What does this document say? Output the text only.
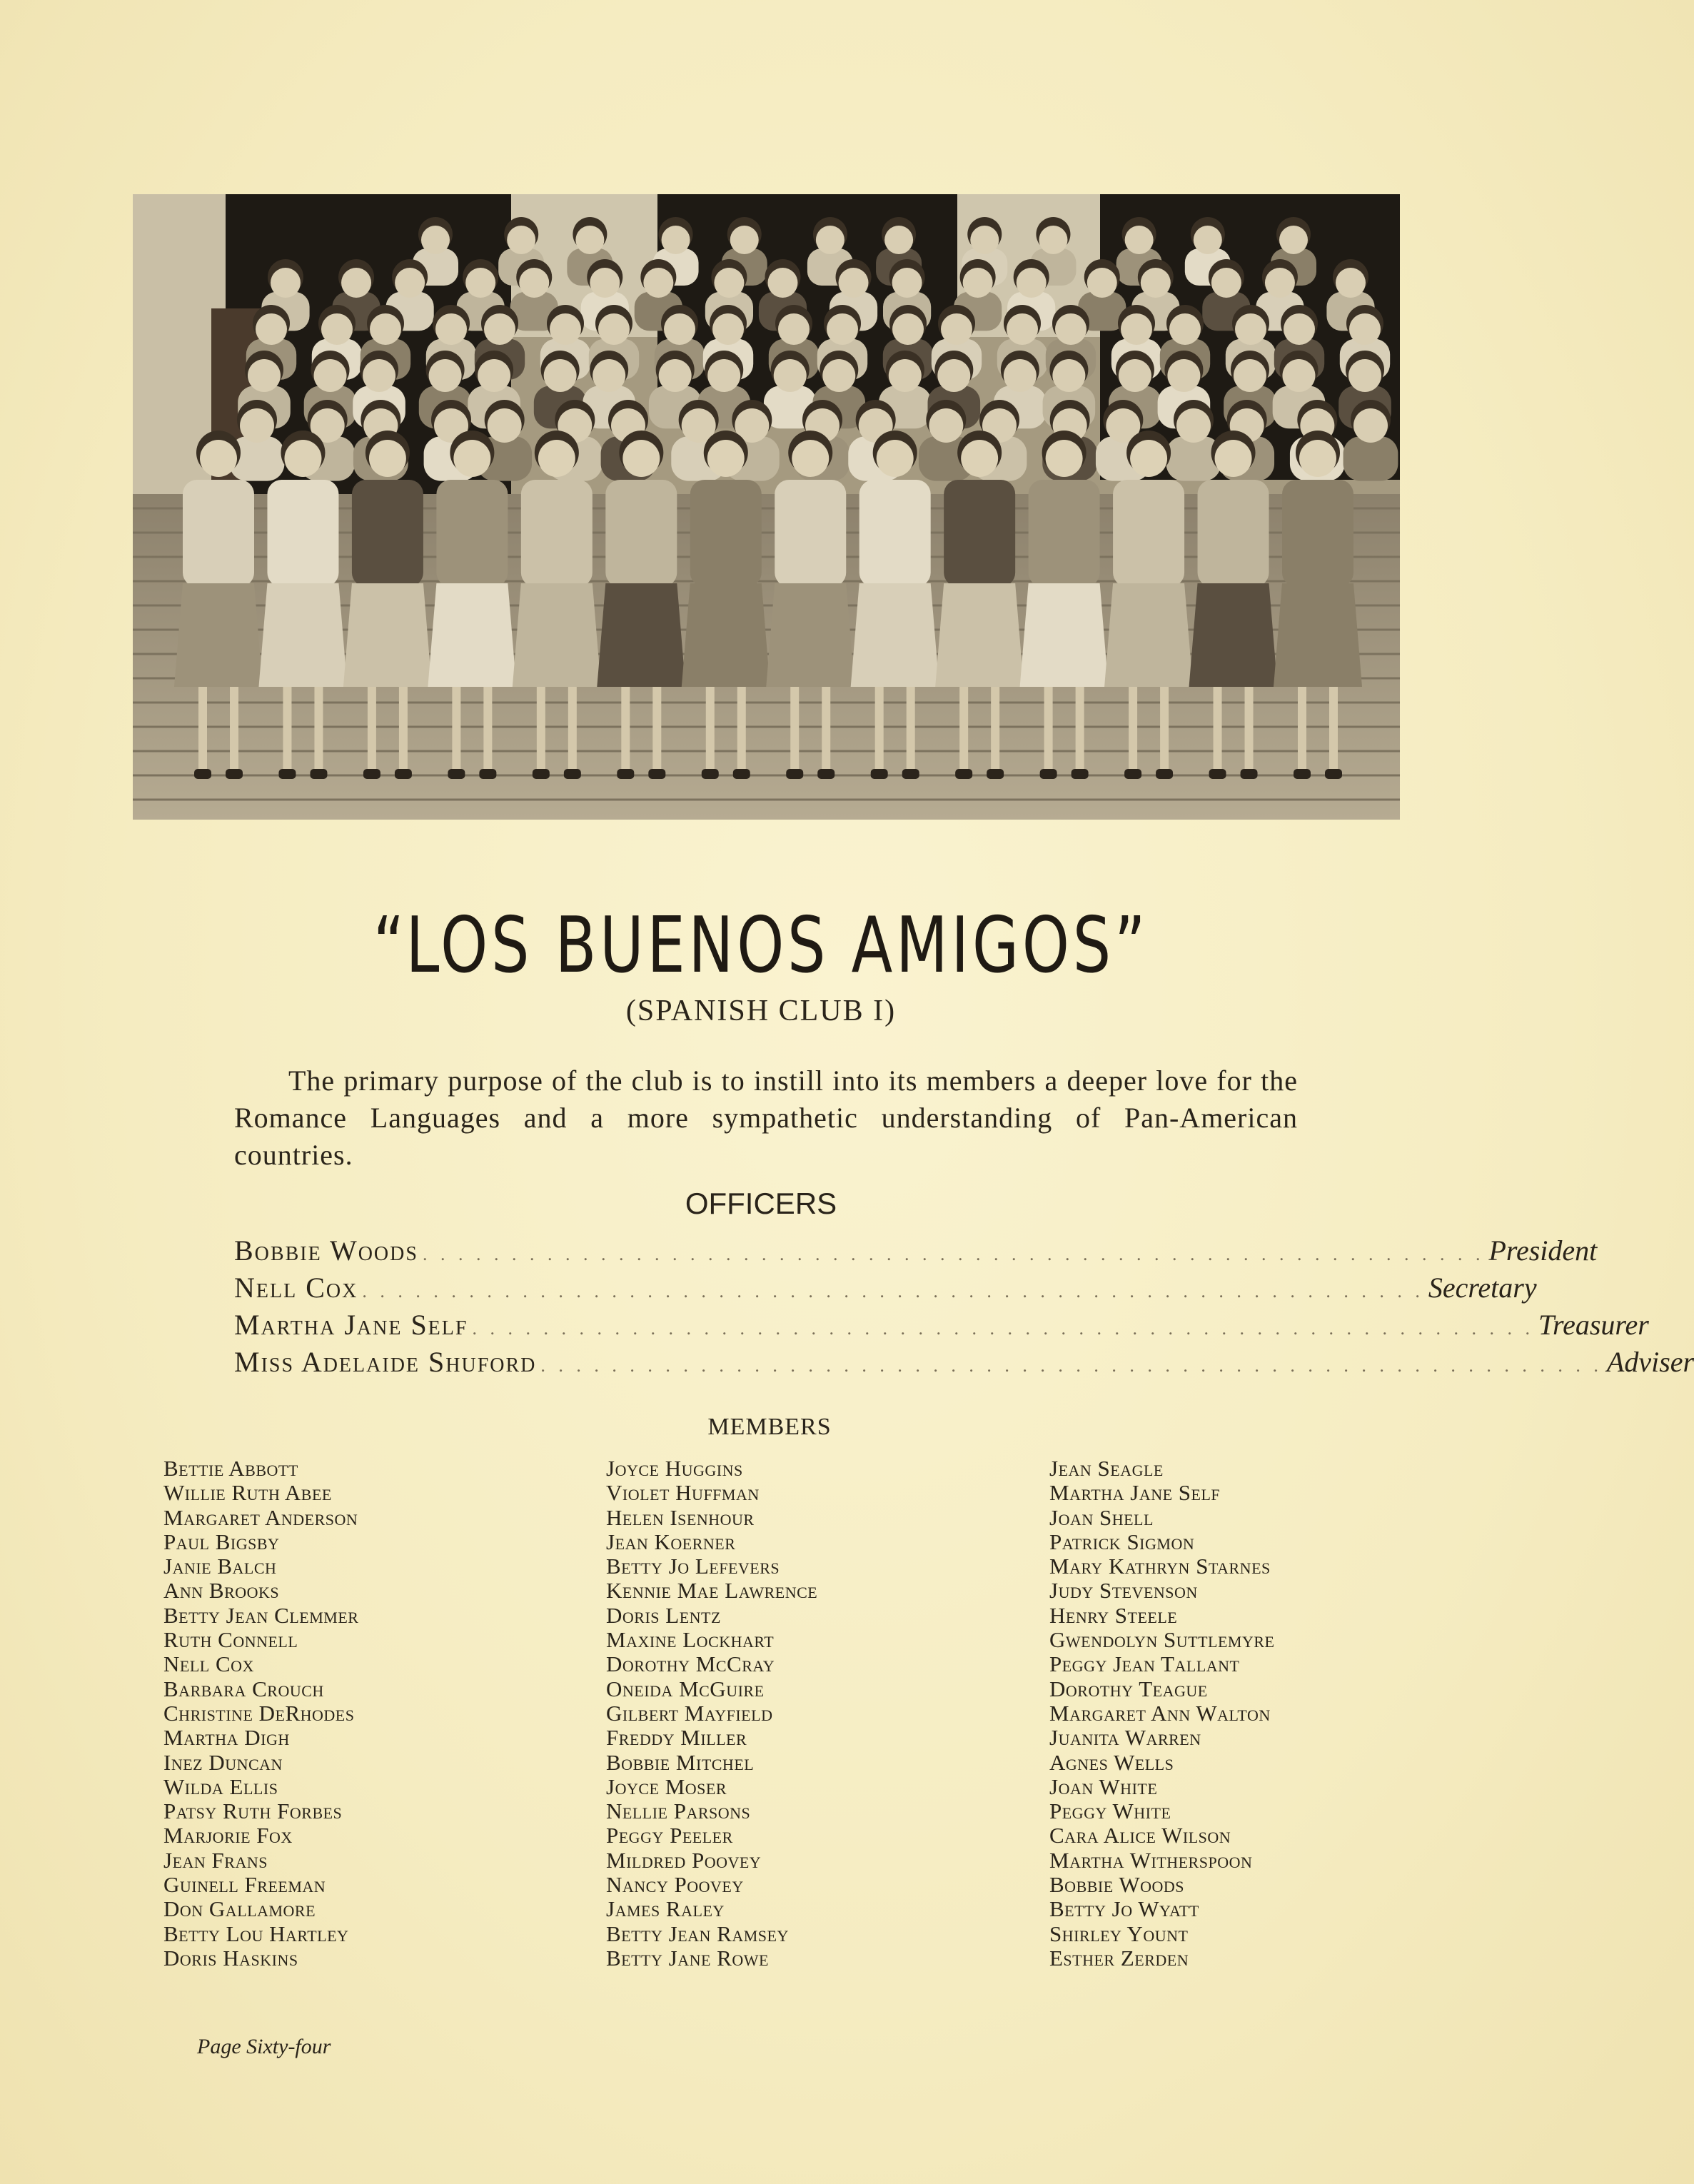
“LOS BUENOS AMIGOS”
(SPANISH CLUB I)
The primary purpose of the club is to instill into its members a deeper love for the Romance Languages and a more sympathetic understanding of Pan-American countries.
OFFICERS
Bobbie Woods . . . . . . . . . . . . . . . . . . . . . . . . . . . . . . . . . . . . . . . . . . . . . . . . . . . . . . . . . . . . President
Nell Cox . . . . . . . . . . . . . . . . . . . . . . . . . . . . . . . . . . . . . . . . . . . . . . . . . . . . . . . . . . . . Secretary
Martha Jane Self . . . . . . . . . . . . . . . . . . . . . . . . . . . . . . . . . . . . . . . . . . . . . . . . . . . . . . . . . . . . Treasurer
Miss Adelaide Shuford . . . . . . . . . . . . . . . . . . . . . . . . . . . . . . . . . . . . . . . . . . . . . . . . . . . . . . . . . . . . Adviser
MEMBERS
Bettie Abbott
Willie Ruth Abee
Margaret Anderson
Paul Bigsby
Janie Balch
Ann Brooks
Betty Jean Clemmer
Ruth Connell
Nell Cox
Barbara Crouch
Christine DeRhodes
Martha Digh
Inez Duncan
Wilda Ellis
Patsy Ruth Forbes
Marjorie Fox
Jean Frans
Guinell Freeman
Don Gallamore
Betty Lou Hartley
Doris Haskins
Joyce Huggins
Violet Huffman
Helen Isenhour
Jean Koerner
Betty Jo Lefevers
Kennie Mae Lawrence
Doris Lentz
Maxine Lockhart
Dorothy McCray
Oneida McGuire
Gilbert Mayfield
Freddy Miller
Bobbie Mitchel
Joyce Moser
Nellie Parsons
Peggy Peeler
Mildred Poovey
Nancy Poovey
James Raley
Betty Jean Ramsey
Betty Jane Rowe
Jean Seagle
Martha Jane Self
Joan Shell
Patrick Sigmon
Mary Kathryn Starnes
Judy Stevenson
Henry Steele
Gwendolyn Suttlemyre
Peggy Jean Tallant
Dorothy Teague
Margaret Ann Walton
Juanita Warren
Agnes Wells
Joan White
Peggy White
Cara Alice Wilson
Martha Witherspoon
Bobbie Woods
Betty Jo Wyatt
Shirley Yount
Esther Zerden
Page Sixty-four
